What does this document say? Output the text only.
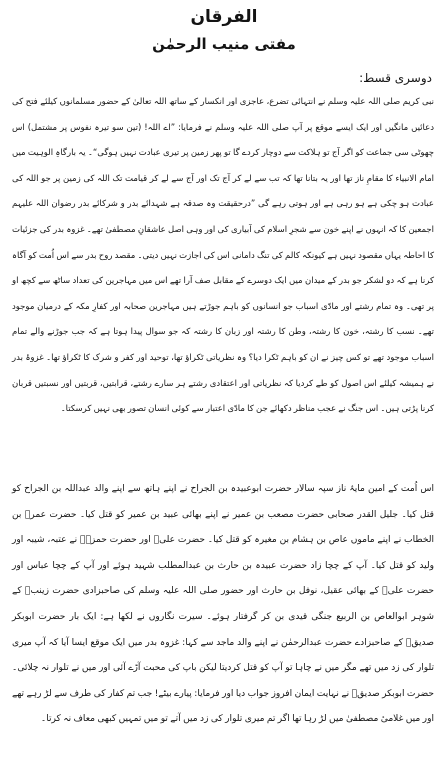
الفرقان
مفتی منیب الرحمٰن
دوسری قسط:
نبی کریم صلی اللہ علیہ وسلم نے انتہائی تضرع، عاجزی اور انکسار کے ساتھ اللہ تعالیٰ کے حضور مسلمانوں کیلئے فتح کی دعائیں مانگیں اور ایک ایسے موقع پر آپ صلی اللہ علیہ وسلم نے فرمایا: ”اے اللہ! (تین سو تیرہ نفوس پر مشتمل) اس چھوٹی سی جماعت کو اگر آج تو ہلاکت سے دوچار کردے گا تو پھر زمین پر تیری عبادت نہیں ہوگی“۔ یہ بارگاہِ الوہیت میں امام الانبیاء کا مقامِ ناز تھا اور یہ بتانا تھا کہ تب سے لے کر آج تک اور آج سے لے کر قیامت تک اللہ کی زمین پر جو اللہ کی عبادت ہو چکی ہے ہو رہی ہے اور ہوتی رہے گی ”درحقیقت وہ صدقہ ہے شہدائے بدر و شرکائے بدر رضوان اللہ علیہم اجمعین کا کہ انہوں نے اپنے خون سے شجرِ اسلام کی آبیاری کی اور وہی اصل عاشقانِ مصطفیٰ تھے۔ غزوہ بدر کی جزئیات کا احاطہ یہاں مقصود نہیں ہے کیونکہ کالم کی تنگ دامانی اس کی اجازت نہیں دیتی۔ مقصد روح بدر سے اس اُمت کو آگاہ کرنا ہے کہ دو لشکر جو بدر کے میدان میں ایک دوسرے کے مقابل صف آرا تھے اس میں مہاجرین کی تعداد ساٹھ سے کچھ او پر تھی۔ وہ تمام رشتے اور مادّی اسباب جو انسانوں کو باہم جوڑتے ہیں مہاجرین صحابہ اور کفارِ مکہ کے درمیان موجود تھے۔ نسب کا رشتہ، خون کا رشتہ، وطن کا رشتہ اور زبان کا رشتہ کہ جو سوال پیدا ہوتا ہے کہ جب جوڑنے والے تمام اسباب موجود تھے تو کس چیز نے ان کو باہم ٹکرا دیا؟ وہ نظریاتی ٹکراؤ تھا، توحید اور کفر و شرک کا ٹکراؤ تھا۔ غزوۂ بدر نے ہمیشہ کیلئے اس اصول کو طے کردیا کہ نظریاتی اور اعتقادی رشتے ہر سارے رشتے، قرابتیں، قربتیں اور نسبتیں قربان کرنا پڑتی ہیں۔ اس جنگ نے عجب مناظر دکھائے جن کا مادّی اعتبار سے کوئی انسان تصور بھی نہیں کرسکتا۔
اس اُمت کے امین مایۂ ناز سپہ سالار حضرت ابوعبیدہ بن الجراح نے اپنے ہاتھ سے اپنے والد عبداللہ بن الجراح کو قتل کیا۔ جلیل القدر صحابی حضرت مصعب بن عمیر نے اپنے بھائی عبید بن عمیر کو قتل کیا۔ حضرت عمرؓ بن الخطاب نے اپنے ماموں عاص بن ہشام بن مغیرہ کو قتل کیا۔ حضرت علیؓ اور حضرت حمزہؓ نے عتبہ، شیبہ اور ولید کو قتل کیا۔ آپ کے چچا زاد حضرت عبیدہ بن حارث بن عبدالمطلب شہید ہوئے اور آپ کے چچا عباس اور حضرت علیؓ کے بھائی عقیل، نوفل بن حارث اور حضور صلی اللہ علیہ وسلم کی صاحبزادی حضرت زینبؓ کے شوہر ابوالعاص بن الربیع جنگی قیدی بن کر گرفتار ہوئے۔ سیرت نگاروں نے لکھا ہے: ایک بار حضرت ابوبکر صدیقؓ کے صاحبزادے حضرت عبدالرحمٰن نے اپنے والد ماجد سے کہا: غزوہ بدر میں ایک موقع ایسا آیا کہ آپ میری تلوار کی زد میں تھے مگر میں نے چاہا تو آپ کو قتل کردیتا لیکن باپ کی محبت آڑے آئی اور میں نے تلوار نہ چلائی۔ حضرت ابوبکر صدیقؓ نے نہایت ایمان افروز جواب دیا اور فرمایا: پیارے بیٹے! جب تم کفار کی طرف سے لڑ رہے تھے اور میں غلامیٔ مصطفیٰ میں لڑ رہا تھا اگر تم میری تلوار کی زد میں آتے تو میں تمہیں کبھی معاف نہ کرتا۔
